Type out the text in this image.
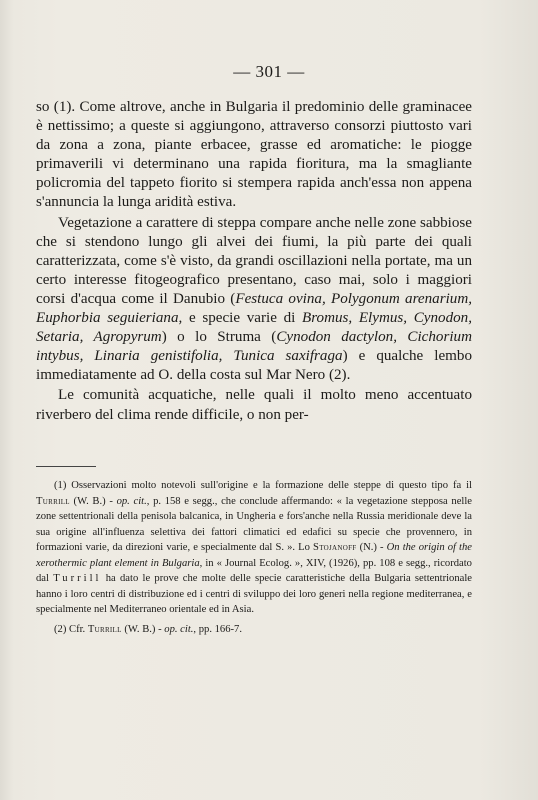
— 301 —

so (1). Come altrove, anche in Bulgaria il predominio delle graminacee è nettissimo; a queste si aggiungono, attraverso consorzi piuttosto vari da zona a zona, piante erbacee, grasse ed aromatiche: le piogge primaverili vi determinano una rapida fioritura, ma la smagliante policromia del tappeto fiorito si stempera rapida anch'essa non appena s'annuncia la lunga aridità estiva.

Vegetazione a carattere di steppa compare anche nelle zone sabbiose che si stendono lungo gli alvei dei fiumi, la più parte dei quali caratterizzata, come s'è visto, da grandi oscillazioni nella portate, ma un certo interesse fitogeografico presentano, caso mai, solo i maggiori corsi d'acqua come il Danubio (Festuca ovina, Polygonum arenarium, Euphorbia seguieriana, e specie varie di Bromus, Elymus, Cynodon, Setaria, Agropyrum) o lo Struma (Cynodon dactylon, Cichorium intybus, Linaria genistifolia, Tunica saxifraga) e qualche lembo immediatamente ad O. della costa sul Mar Nero (2).

Le comunità acquatiche, nelle quali il molto meno accentuato riverbero del clima rende difficile, o non per-

(1) Osservazioni molto notevoli sull'origine e la formazione delle steppe di questo tipo fa il Turrill (W. B.) - op. cit., p. 158 e segg., che conclude affermando: « la vegetazione stepposa nelle zone settentrionali della penisola balcanica, in Ungheria e fors'anche nella Russia meridionale deve la sua origine all'influenza selettiva dei fattori climatici ed edafici su specie che provennero, in formazioni varie, da direzioni varie, e specialmente dal S. ». Lo Stojanoff (N.) - On the origin of the xerothermic plant element in Bulgaria, in « Journal Ecolog. », XIV, (1926), pp. 108 e segg., ricordato dal Turrill ha dato le prove che molte delle specie caratteristiche della Bulgaria settentrionale hanno i loro centri di distribuzione ed i centri di sviluppo dei loro generi nella regione mediterranea, e specialmente nel Mediterraneo orientale ed in Asia.

(2) Cfr. Turrill (W. B.) - op. cit., pp. 166-7.
